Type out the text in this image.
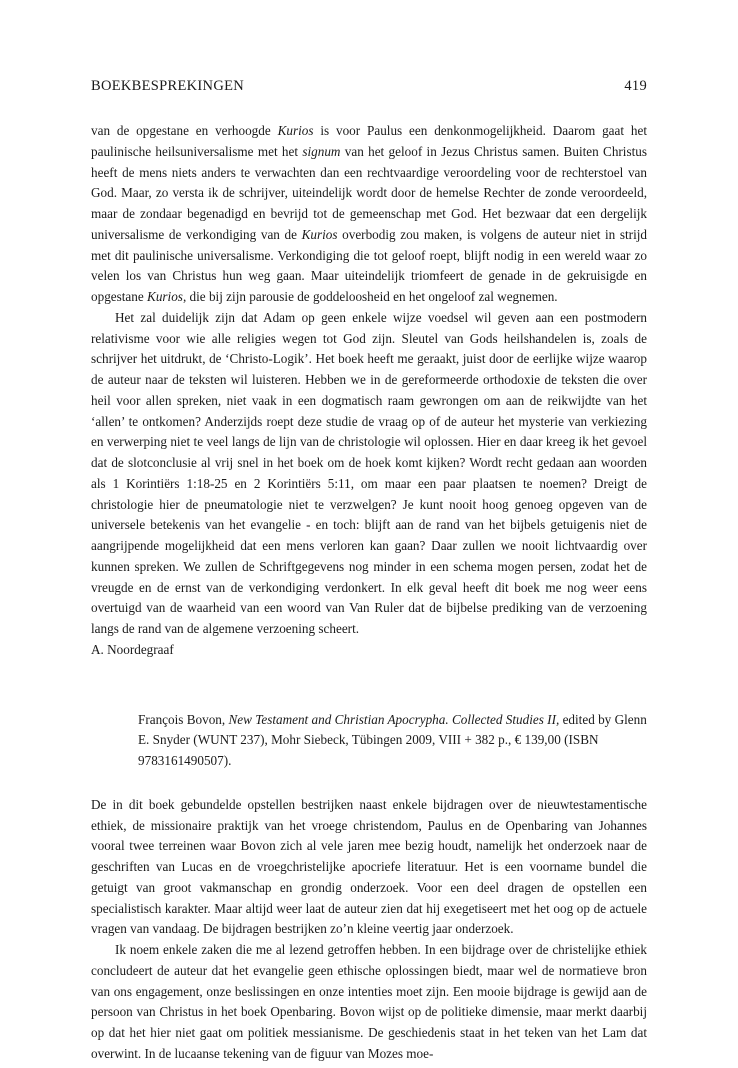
BOEKBESPREKINGEN	419

van de opgestane en verhoogde Kurios is voor Paulus een denkonmogelijkheid. Daarom gaat het paulinische heilsuniversalisme met het signum van het geloof in Jezus Christus samen. Buiten Christus heeft de mens niets anders te verwachten dan een rechtvaardige veroordeling voor de rechterstoel van God. Maar, zo versta ik de schrijver, uiteindelijk wordt door de hemelse Rechter de zonde veroordeeld, maar de zondaar begenadigd en bevrijd tot de gemeenschap met God. Het bezwaar dat een dergelijk universalisme de verkondiging van de Kurios overbodig zou maken, is volgens de auteur niet in strijd met dit paulinische universalisme. Verkondiging die tot geloof roept, blijft nodig in een wereld waar zo velen los van Christus hun weg gaan. Maar uiteindelijk triomfeert de genade in de gekruisigde en opgestane Kurios, die bij zijn parousie de goddeloosheid en het ongeloof zal wegnemen.

Het zal duidelijk zijn dat Adam op geen enkele wijze voedsel wil geven aan een postmodern relativisme voor wie alle religies wegen tot God zijn. Sleutel van Gods heilshandelen is, zoals de schrijver het uitdrukt, de ‘Christo-Logik’. Het boek heeft me geraakt, juist door de eerlijke wijze waarop de auteur naar de teksten wil luisteren. Hebben we in de gereformeerde orthodoxie de teksten die over heil voor allen spreken, niet vaak in een dogmatisch raam gewrongen om aan de reikwijdte van het ‘allen’ te ontkomen? Anderzijds roept deze studie de vraag op of de auteur het mysterie van verkiezing en verwerping niet te veel langs de lijn van de christologie wil oplossen. Hier en daar kreeg ik het gevoel dat de slotconclusie al vrij snel in het boek om de hoek komt kijken? Wordt recht gedaan aan woorden als 1 Korintiërs 1:18-25 en 2 Korintiërs 5:11, om maar een paar plaatsen te noemen? Dreigt de christologie hier de pneumatologie niet te verzwelgen? Je kunt nooit hoog genoeg opgeven van de universele betekenis van het evangelie - en toch: blijft aan de rand van het bijbels getuigenis niet de aangrijpende mogelijkheid dat een mens verloren kan gaan? Daar zullen we nooit lichtvaardig over kunnen spreken. We zullen de Schriftgegevens nog minder in een schema mogen persen, zodat het de vreugde en de ernst van de verkondiging verdonkert. In elk geval heeft dit boek me nog weer eens overtuigd van de waarheid van een woord van Van Ruler dat de bijbelse prediking van de verzoening langs de rand van de algemene verzoening scheert.

A. Noordegraaf

François Bovon, New Testament and Christian Apocrypha. Collected Studies II, edited by Glenn E. Snyder (WUNT 237), Mohr Siebeck, Tübingen 2009, VIII + 382 p., € 139,00 (ISBN 9783161490507).

De in dit boek gebundelde opstellen bestrijken naast enkele bijdragen over de nieuwtestamentische ethiek, de missionaire praktijk van het vroege christendom, Paulus en de Openbaring van Johannes vooral twee terreinen waar Bovon zich al vele jaren mee bezig houdt, namelijk het onderzoek naar de geschriften van Lucas en de vroegchristelijke apocriefe literatuur. Het is een voorname bundel die getuigt van groot vakmanschap en grondig onderzoek. Voor een deel dragen de opstellen een specialistisch karakter. Maar altijd weer laat de auteur zien dat hij exegetiseert met het oog op de actuele vragen van vandaag. De bijdragen bestrijken zo’n kleine veertig jaar onderzoek.

Ik noem enkele zaken die me al lezend getroffen hebben. In een bijdrage over de christelijke ethiek concludeert de auteur dat het evangelie geen ethische oplossingen biedt, maar wel de normatieve bron van ons engagement, onze beslissingen en onze intenties moet zijn. Een mooie bijdrage is gewijd aan de persoon van Christus in het boek Openbaring. Bovon wijst op de politieke dimensie, maar merkt daarbij op dat het hier niet gaat om politiek messianisme. De geschiedenis staat in het teken van het Lam dat overwint. In de lucaanse tekening van de figuur van Mozes moe-
